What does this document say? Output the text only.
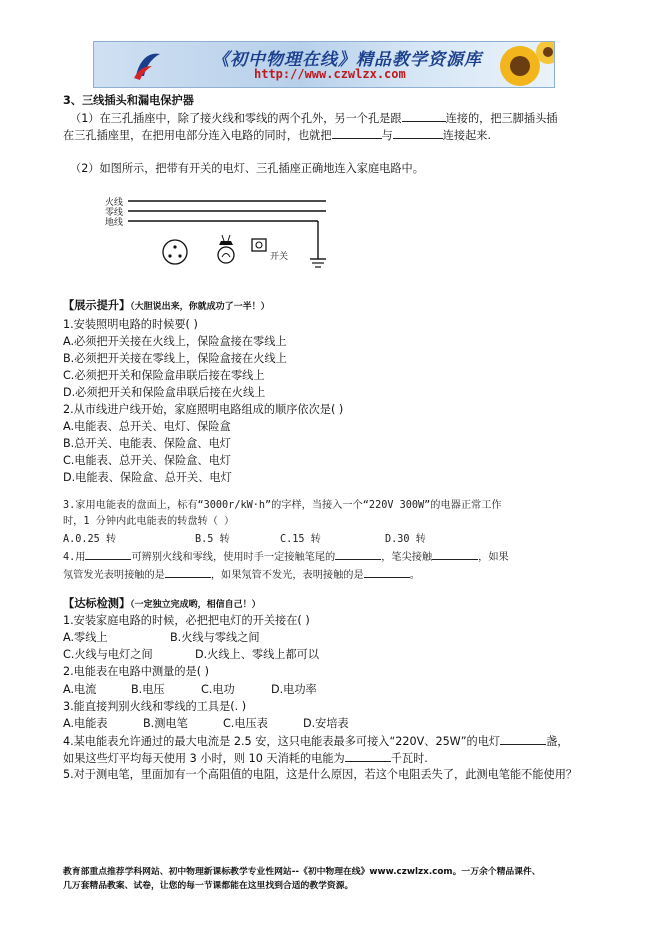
《初中物理在线》精品教学资源库
http://www.czwlzx.com
3、三线插头和漏电保护器
（1）在三孔插座中，除了接火线和零线的两个孔外，另一个孔是跟	连接的，把三脚插头插
在三孔插座里，在把用电部分连入电路的同时，也就把	与	连接起来.
（2）如图所示，把带有开关的电灯、三孔插座正确地连入家庭电路中。
火线
零线
地线
开关
【展示提升】（大胆说出来，你就成功了一半！）
1.安装照明电路的时候要( )
A.必须把开关接在火线上，保险盒接在零线上
B.必须把开关接在零线上，保险盒接在火线上
C.必须把开关和保险盒串联后接在零线上
D.必须把开关和保险盒串联后接在火线上
2.从市线进户线开始，家庭照明电路组成的顺序依次是( )
A.电能表、总开关、电灯、保险盒
B.总开关、电能表、保险盒、电灯
C.电能表、总开关、保险盒、电灯
D.电能表、保险盒、总开关、电灯
3.家用电能表的盘面上，标有“3000r/kW·h”的字样，当接入一个“220V 300W”的电器正常工作
时，1 分钟内此电能表的转盘转（ ）
A.0.25 转	B.5 转	C.15 转	D.30 转
4.用	可辨别火线和零线，使用时手一定接触笔尾的	，笔尖接触	，如果
氖管发光表明接触的是	，如果氖管不发光，表明接触的是	。
【达标检测】（一定独立完成哟，相信自己！）
1.安装家庭电路的时候，必把把电灯的开关接在( )
A.零线上	B.火线与零线之间
C.火线与电灯之间	D.火线上、零线上都可以
2.电能表在电路中测量的是( )
A.电流	B.电压	C.电功	D.电功率
3.能直接判别火线和零线的工具是(. )
A.电能表	B.测电笔	C.电压表	D.安培表
4.某电能表允许通过的最大电流是 2.5 安，这只电能表最多可接入“220V、25W”的电灯	盏，
如果这些灯平均每天使用 3 小时，则 10 天消耗的电能为	千瓦时.
5.对于测电笔，里面加有一个高阻值的电阻，这是什么原因，若这个电阻丢失了，此测电笔能不能使用？
教育部重点推荐学科网站、初中物理新课标教学专业性网站--《初中物理在线》www.czwlzx.com。一万余个精品课件、
几万套精品教案、试卷，让您的每一节课都能在这里找到合适的教学资源。
